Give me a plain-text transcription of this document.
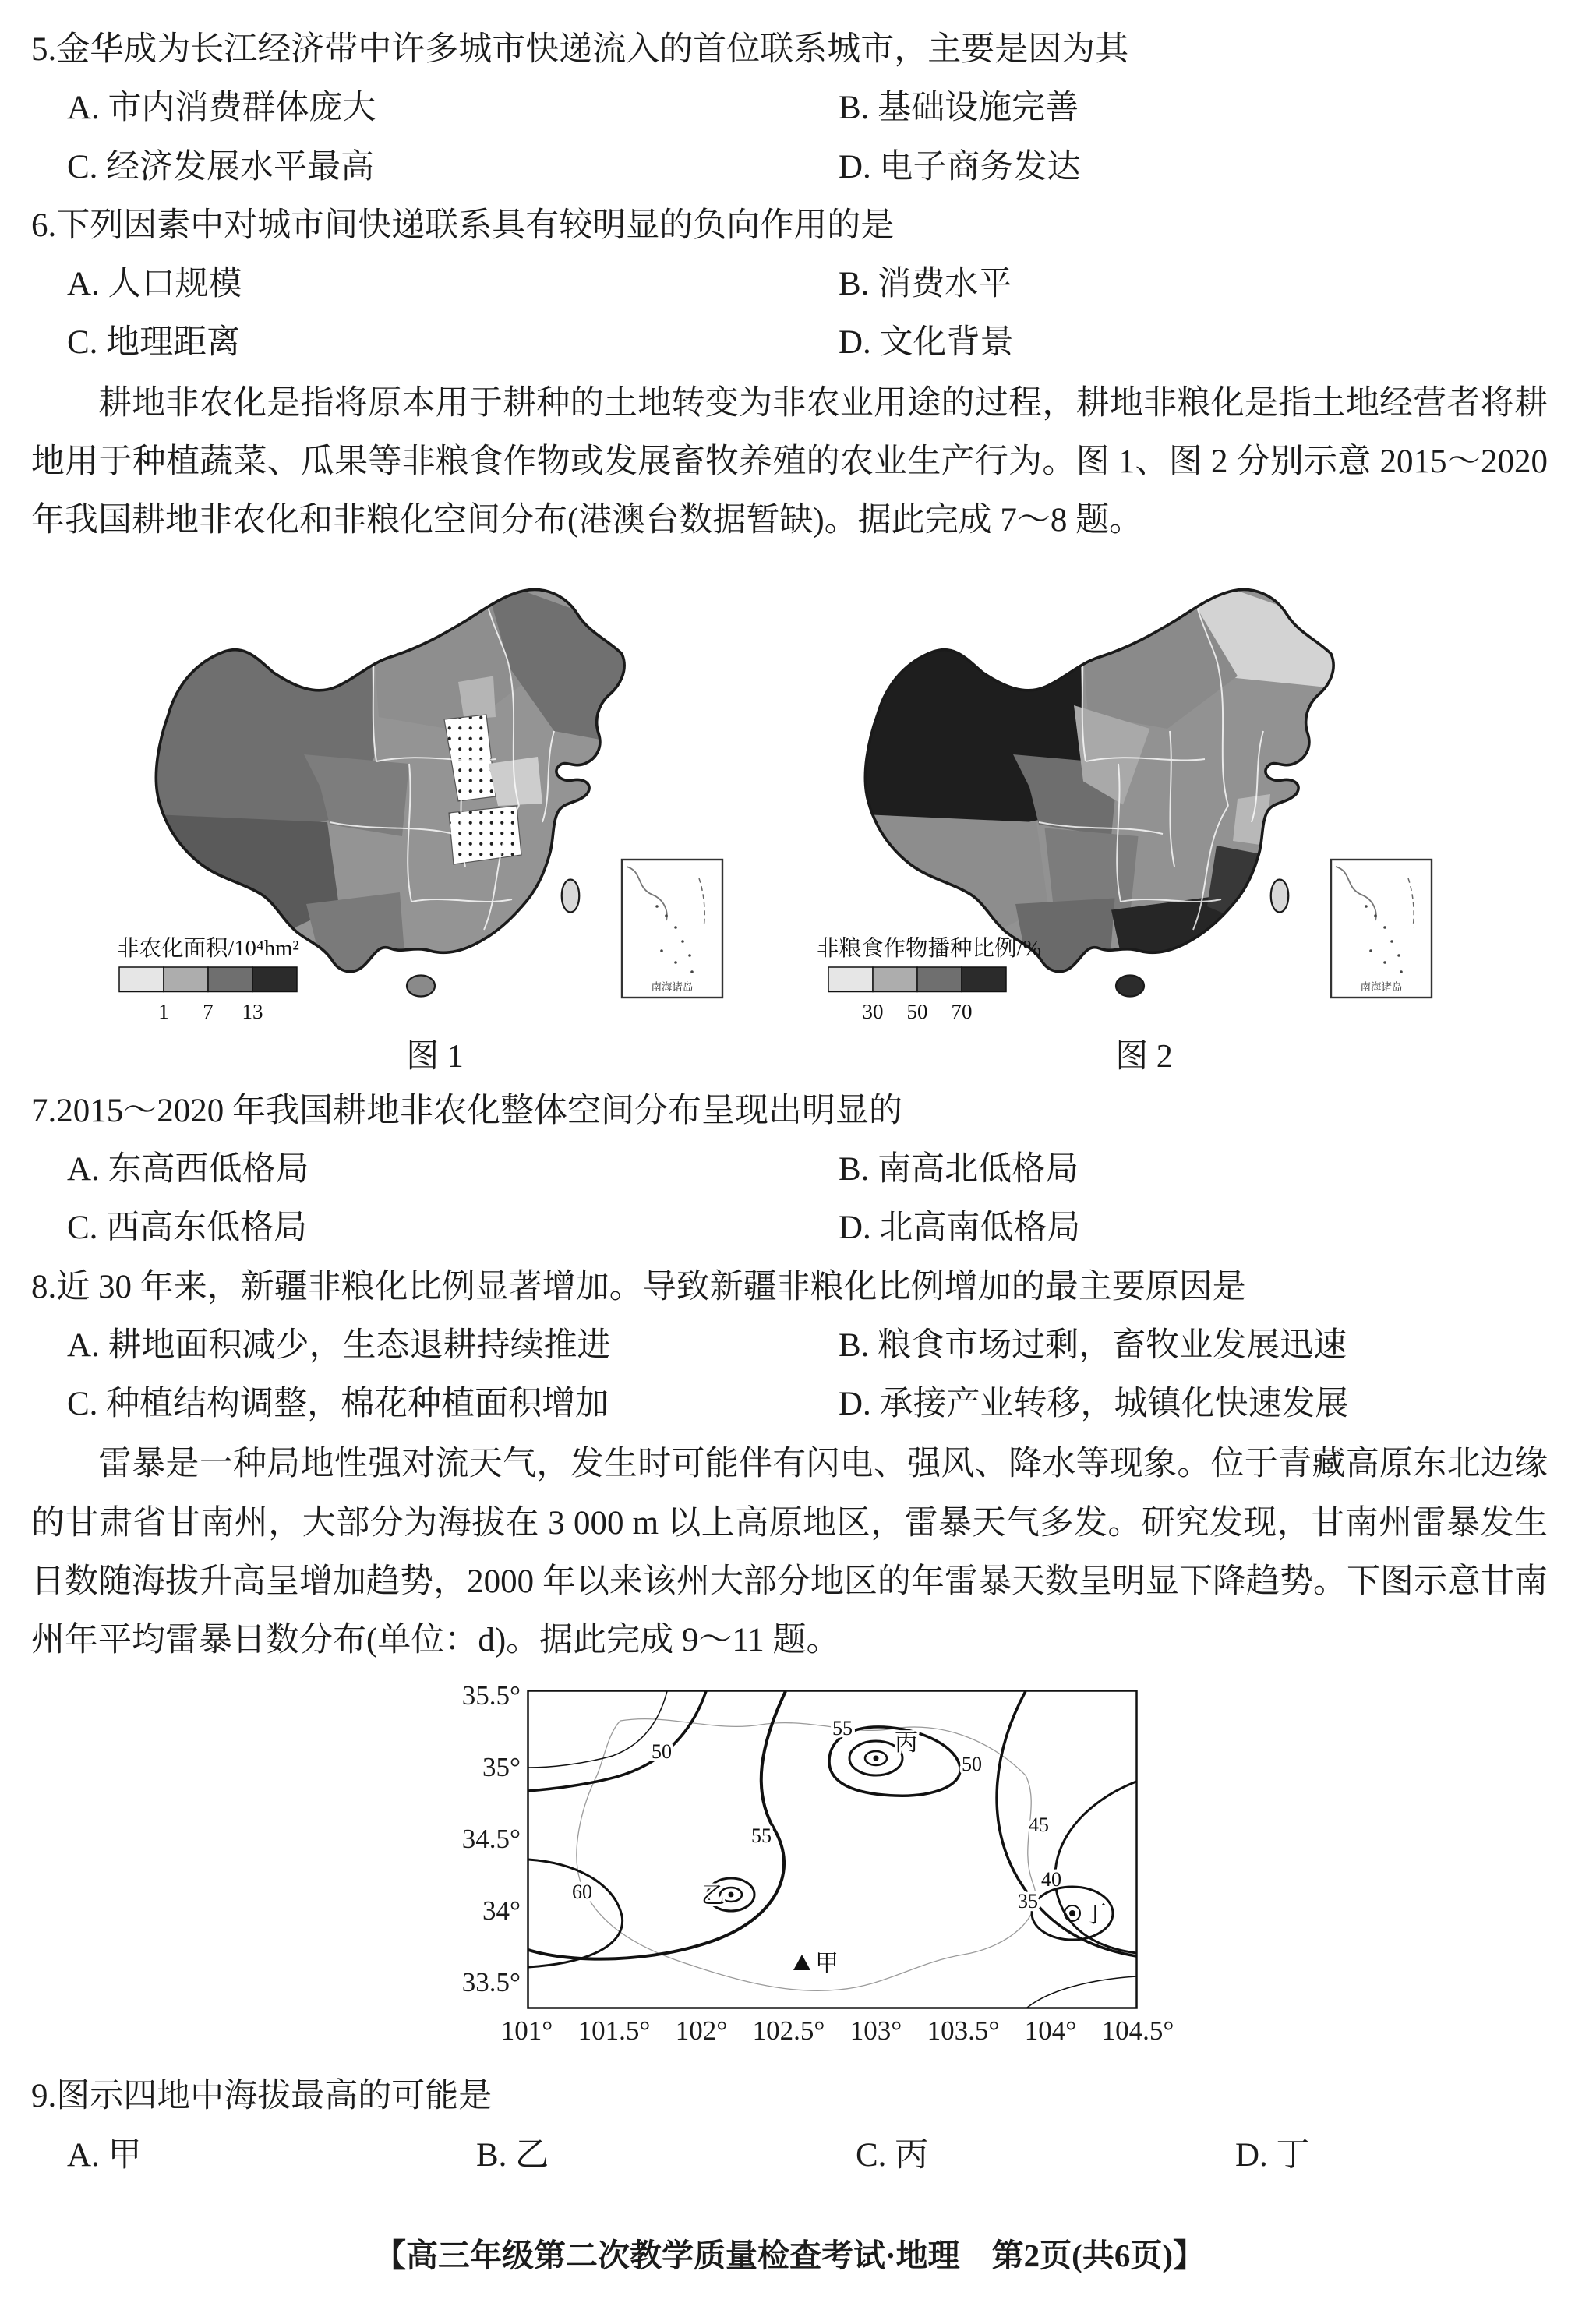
5.金华成为长江经济带中许多城市快递流入的首位联系城市，主要是因为其

A. 市内消费群体庞大	B. 基础设施完善
C. 经济发展水平最高	D. 电子商务发达

6.下列因素中对城市间快递联系具有较明显的负向作用的是

A. 人口规模	B. 消费水平
C. 地理距离	D. 文化背景

耕地非农化是指将原本用于耕种的土地转变为非农业用途的过程，耕地非粮化是指土地经营者将耕地用于种植蔬菜、瓜果等非粮食作物或发展畜牧养殖的农业生产行为。图 1、图 2 分别示意 2015～2020 年我国耕地非农化和非粮化空间分布(港澳台数据暂缺)。据此完成 7～8 题。

非农化面积/10⁴hm²
1 7 13
南海诸岛
图 1
非粮食作物播种比例/%
30 50 70
南海诸岛
图 2

7.2015～2020 年我国耕地非农化整体空间分布呈现出明显的

A. 东高西低格局	B. 南高北低格局
C. 西高东低格局	D. 北高南低格局

8.近 30 年来，新疆非粮化比例显著增加。导致新疆非粮化比例增加的最主要原因是

A. 耕地面积减少，生态退耕持续推进	B. 粮食市场过剩，畜牧业发展迅速
C. 种植结构调整，棉花种植面积增加	D. 承接产业转移，城镇化快速发展

雷暴是一种局地性强对流天气，发生时可能伴有闪电、强风、降水等现象。位于青藏高原东北边缘的甘肃省甘南州，大部分为海拔在 3 000 m 以上高原地区，雷暴天气多发。研究发现，甘南州雷暴发生日数随海拔升高呈增加趋势，2000 年以来该州大部分地区的年雷暴天数呈明显下降趋势。下图示意甘南州年平均雷暴日数分布(单位：d)。据此完成 9～11 题。

35.5°
35°
34.5°
34°
33.5°
50
55
60	乙
丙
55
50
45
40
35
丁
甲
101° 101.5° 102° 102.5° 103° 103.5° 104° 104.5°

9.图示四地中海拔最高的可能是

A. 甲	B. 乙	C. 丙	D. 丁

【高三年级第二次教学质量检查考试·地理　第2页(共6页)】
